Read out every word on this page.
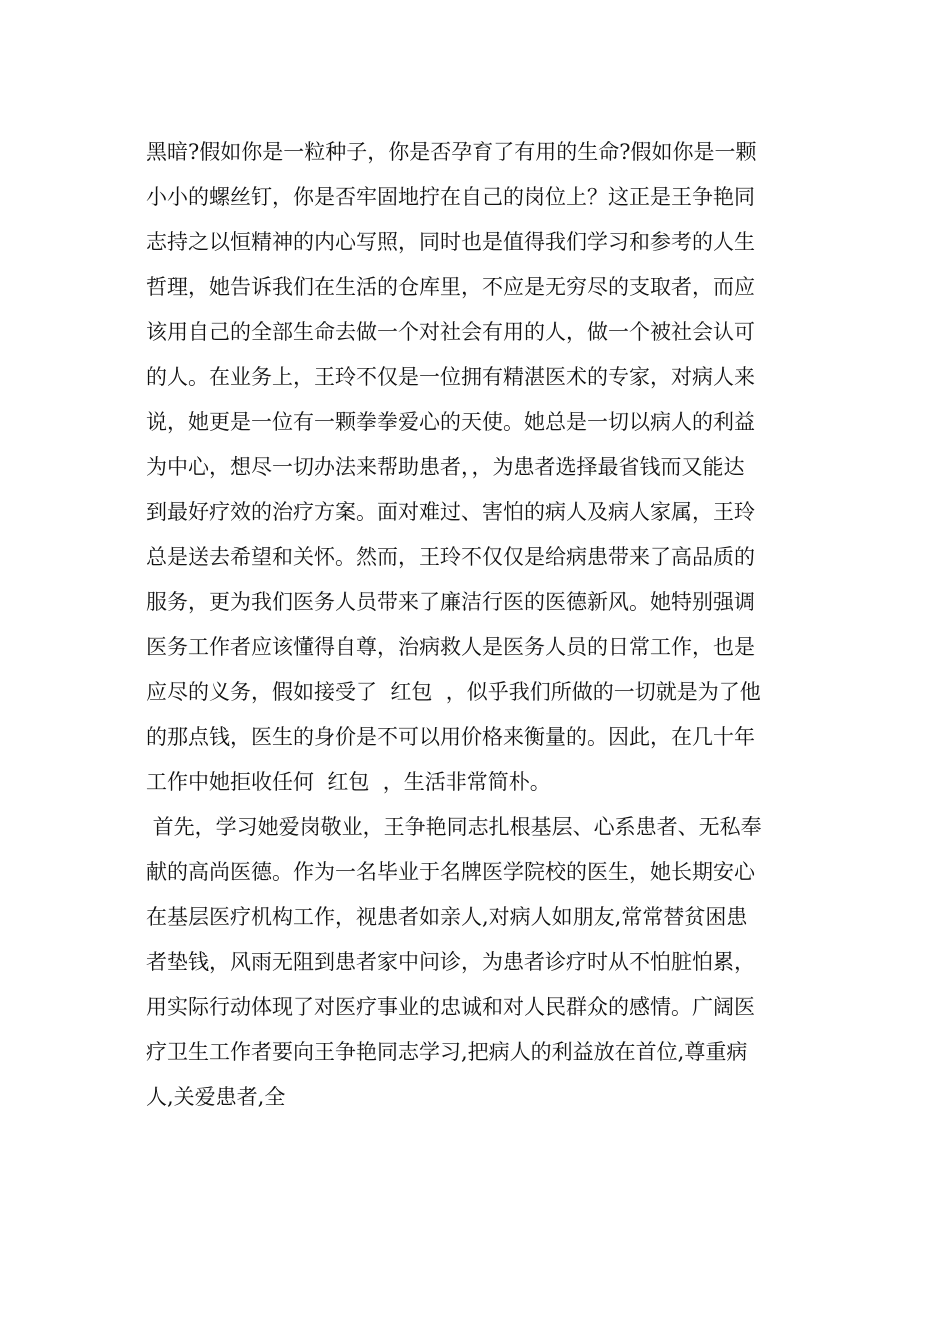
黑暗?假如你是一粒种子，你是否孕育了有用的生命?假如你是一颗
小小的螺丝钉，你是否牢固地拧在自己的岗位上？这正是王争艳同
志持之以恒精神的内心写照，同时也是值得我们学习和参考的人生
哲理，她告诉我们在生活的仓库里，不应是无穷尽的支取者，而应
该用自己的全部生命去做一个对社会有用的人，做一个被社会认可
的人。在业务上，王玲不仅是一位拥有精湛医术的专家，对病人来
说，她更是一位有一颗拳拳爱心的天使。她总是一切以病人的利益
为中心，想尽一切办法来帮助患者，，为患者选择最省钱而又能达
到最好疗效的治疗方案。面对难过、害怕的病人及病人家属，王玲
总是送去希望和关怀。然而，王玲不仅仅是给病患带来了高品质的
服务，更为我们医务人员带来了廉洁行医的医德新风。她特别强调
医务工作者应该懂得自尊，治病救人是医务人员的日常工作，也是
应尽的义务，假如接受了  红包  ，似乎我们所做的一切就是为了他
的那点钱，医生的身价是不可以用价格来衡量的。因此，在几十年
工作中她拒收任何  红包  ，生活非常简朴。
首先，学习她爱岗敬业，王争艳同志扎根基层、心系患者、无私奉
献的高尚医德。作为一名毕业于名牌医学院校的医生，她长期安心
在基层医疗机构工作，视患者如亲人,对病人如朋友,常常替贫困患
者垫钱，风雨无阻到患者家中问诊，为患者诊疗时从不怕脏怕累，
用实际行动体现了对医疗事业的忠诚和对人民群众的感情。广阔医
疗卫生工作者要向王争艳同志学习,把病人的利益放在首位,尊重病
人,关爱患者,全
